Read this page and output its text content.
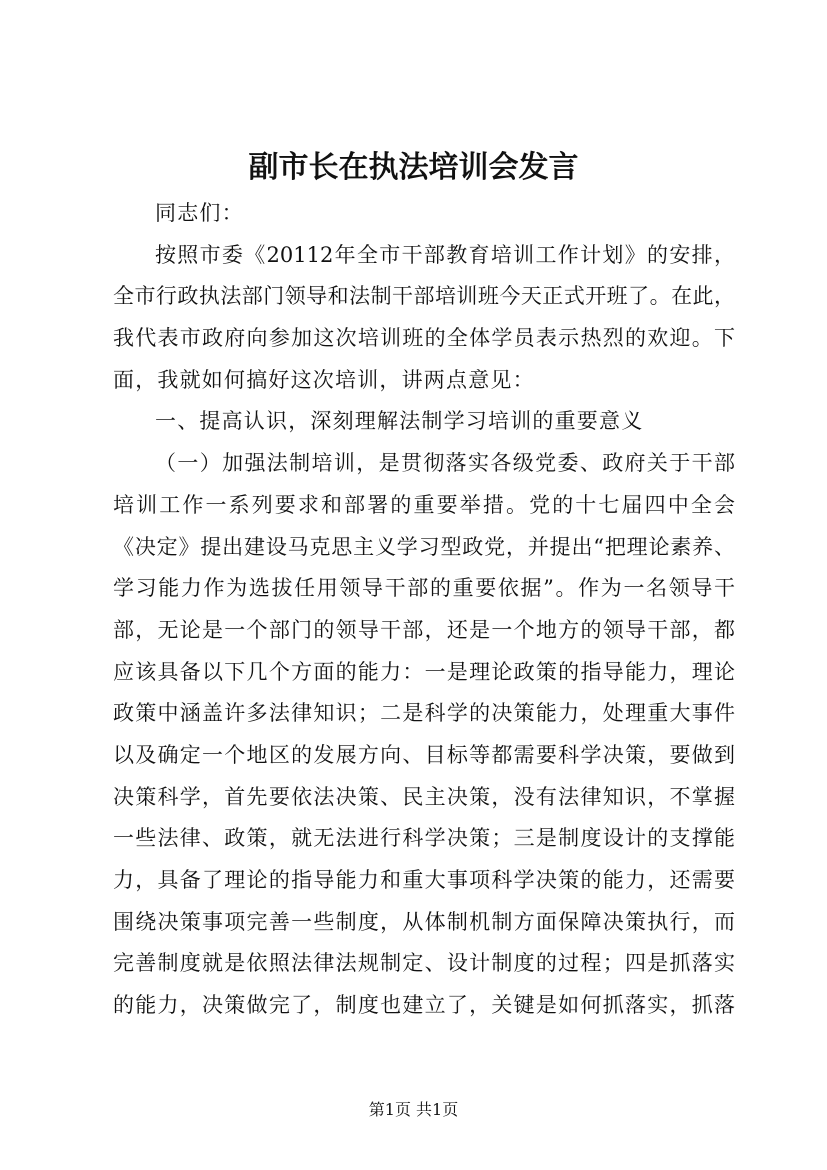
副市长在执法培训会发言
同志们：
按照市委《20112年全市干部教育培训工作计划》的安排，
全市行政执法部门领导和法制干部培训班今天正式开班了。在此，
我代表市政府向参加这次培训班的全体学员表示热烈的欢迎。下
面，我就如何搞好这次培训，讲两点意见：
一、提高认识，深刻理解法制学习培训的重要意义
（一）加强法制培训，是贯彻落实各级党委、政府关于干部
培训工作一系列要求和部署的重要举措。党的十七届四中全会
《决定》提出建设马克思主义学习型政党，并提出“把理论素养、
学习能力作为选拔任用领导干部的重要依据”。作为一名领导干
部，无论是一个部门的领导干部，还是一个地方的领导干部，都
应该具备以下几个方面的能力：一是理论政策的指导能力，理论
政策中涵盖许多法律知识；二是科学的决策能力，处理重大事件
以及确定一个地区的发展方向、目标等都需要科学决策，要做到
决策科学，首先要依法决策、民主决策，没有法律知识，不掌握
一些法律、政策，就无法进行科学决策；三是制度设计的支撑能
力，具备了理论的指导能力和重大事项科学决策的能力，还需要
围绕决策事项完善一些制度，从体制机制方面保障决策执行，而
完善制度就是依照法律法规制定、设计制度的过程；四是抓落实
的能力，决策做完了，制度也建立了，关键是如何抓落实，抓落
第1页 共1页
